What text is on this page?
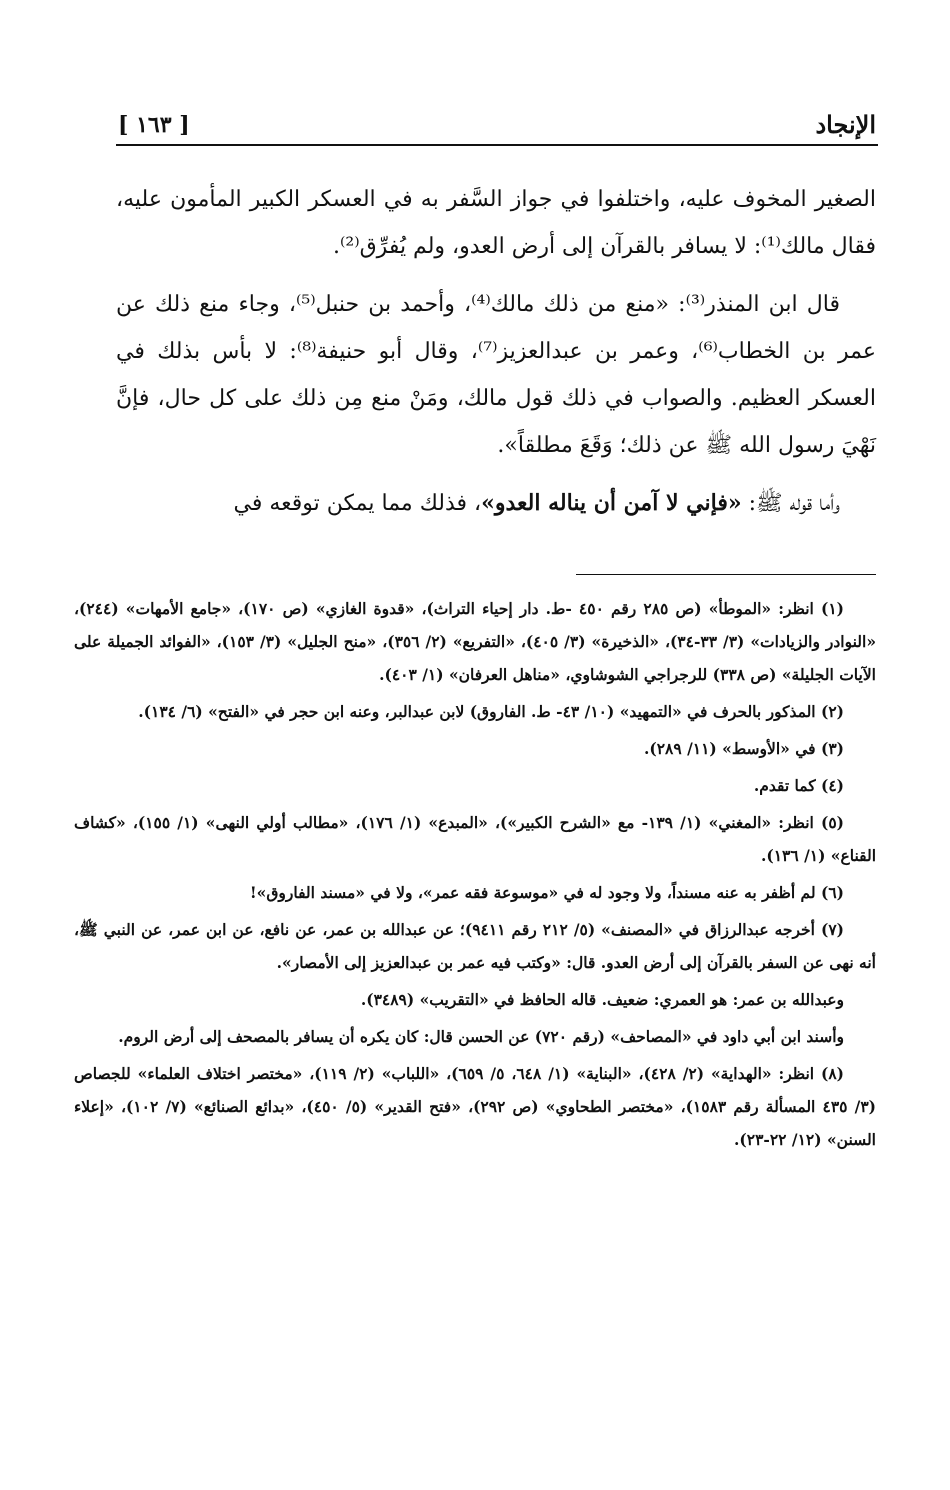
الإنجاد
[ ١٦٣ ]

الصغير المخوف عليه، واختلفوا في جواز السَّفر به في العسكر الكبير المأمون عليه، فقال مالك⁽¹⁾: لا يسافر بالقرآن إلى أرض العدو، ولم يُفرِّق⁽²⁾.

قال ابن المنذر⁽³⁾: «منع من ذلك مالك⁽⁴⁾، وأحمد بن حنبل⁽⁵⁾، وجاء منع ذلك عن عمر بن الخطاب⁽⁶⁾، وعمر بن عبدالعزيز⁽⁷⁾، وقال أبو حنيفة⁽⁸⁾: لا بأس بذلك في العسكر العظيم. والصواب في ذلك قول مالك، ومَنْ منع مِن ذلك على كل حال، فإنَّ نَهْيَ رسول الله ﷺ عن ذلك؛ وَقَعَ مطلقاً».

وأما قوله ﷺ: «فإني لا آمن أن يناله العدو»، فذلك مما يمكن توقعه في

(١) انظر: «الموطأ» (ص ٢٨٥ رقم ٤٥٠ -ط. دار إحياء التراث)، «قدوة الغازي» (ص ١٧٠)، «جامع الأمهات» (٢٤٤)، «النوادر والزيادات» (٣/ ٣٣-٣٤)، «الذخيرة» (٣/ ٤٠٥)، «التفريع» (٢/ ٣٥٦)، «منح الجليل» (٣/ ١٥٣)، «الفوائد الجميلة على الآيات الجليلة» (ص ٣٣٨) للرجراجي الشوشاوي، «مناهل العرفان» (١/ ٤٠٣).

(٢) المذكور بالحرف في «التمهيد» (١٠/ ٤٣- ط. الفاروق) لابن عبدالبر، وعنه ابن حجر في «الفتح» (٦/ ١٣٤).

(٣) في «الأوسط» (١١/ ٢٨٩).

(٤) كما تقدم.

(٥) انظر: «المغني» (١/ ١٣٩- مع «الشرح الكبير»)، «المبدع» (١/ ١٧٦)، «مطالب أولي النهى» (١/ ١٥٥)، «كشاف القناع» (١/ ١٣٦).

(٦) لم أظفر به عنه مسنداً، ولا وجود له في «موسوعة فقه عمر»، ولا في «مسند الفاروق»!

(٧) أخرجه عبدالرزاق في «المصنف» (٥/ ٢١٢ رقم ٩٤١١)؛ عن عبدالله بن عمر، عن نافع، عن ابن عمر، عن النبي ﷺ، أنه نهى عن السفر بالقرآن إلى أرض العدو. قال: «وكتب فيه عمر بن عبدالعزيز إلى الأمصار».

وعبدالله بن عمر: هو العمري: ضعيف. قاله الحافظ في «التقريب» (٣٤٨٩).

وأسند ابن أبي داود في «المصاحف» (رقم ٧٢٠) عن الحسن قال: كان يكره أن يسافر بالمصحف إلى أرض الروم.

(٨) انظر: «الهداية» (٢/ ٤٢٨)، «البناية» (١/ ٦٤٨، ٥/ ٦٥٩)، «اللباب» (٢/ ١١٩)، «مختصر اختلاف العلماء» للجصاص (٣/ ٤٣٥ المسألة رقم ١٥٨٣)، «مختصر الطحاوي» (ص ٢٩٢)، «فتح القدير» (٥/ ٤٥٠)، «بدائع الصنائع» (٧/ ١٠٢)، «إعلاء السنن» (١٢/ ٢٢-٢٣).
